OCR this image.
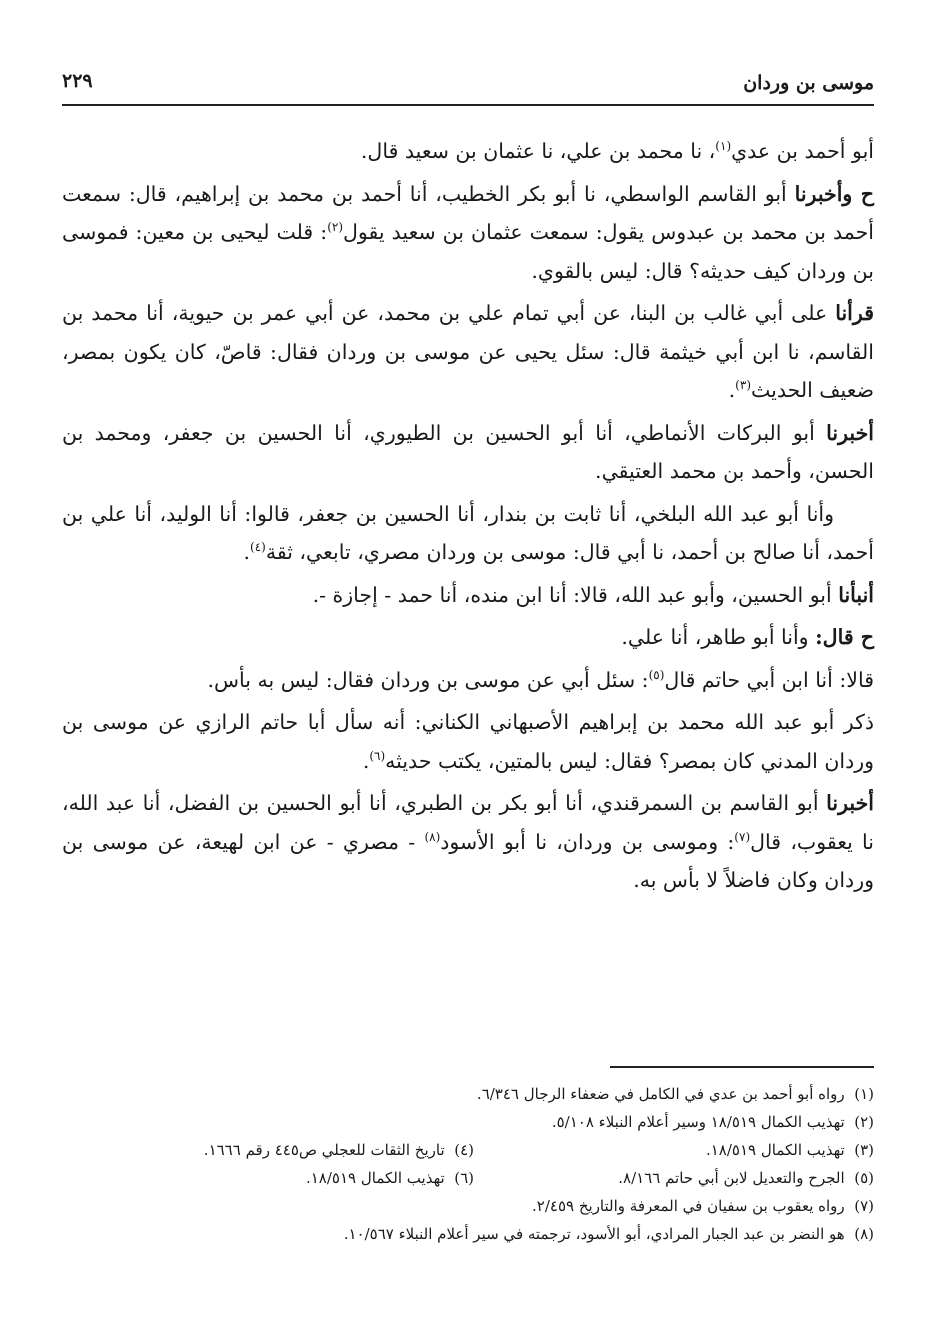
موسى بن وردان
٢٢٩

أبو أحمد بن عدي$^{(١)}$، نا محمد بن علي، نا عثمان بن سعيد قال.

ح وأخبرنا أبو القاسم الواسطي، نا أبو بكر الخطيب، أنا أحمد بن محمد بن إبراهيم، قال: سمعت أحمد بن محمد بن عبدوس يقول: سمعت عثمان بن سعيد يقول$^{(٢)}$: قلت ليحيى بن معين: فموسى بن وردان كيف حديثه؟ قال: ليس بالقوي.

قرأنا على أبي غالب بن البنا، عن أبي تمام علي بن محمد، عن أبي عمر بن حيوية، أنا محمد بن القاسم، نا ابن أبي خيثمة قال: سئل يحيى عن موسى بن وردان فقال: قاصّ، كان يكون بمصر، ضعيف الحديث$^{(٣)}$.

أخبرنا أبو البركات الأنماطي، أنا أبو الحسين بن الطيوري، أنا الحسين بن جعفر، ومحمد بن الحسن، وأحمد بن محمد العتيقي.

وأنا أبو عبد الله البلخي، أنا ثابت بن بندار، أنا الحسين بن جعفر، قالوا: أنا الوليد، أنا علي بن أحمد، أنا صالح بن أحمد، نا أبي قال: موسى بن وردان مصري، تابعي، ثقة$^{(٤)}$.

أنبأنا أبو الحسين، وأبو عبد الله، قالا: أنا ابن منده، أنا حمد - إجازة -.

ح قال: وأنا أبو طاهر، أنا علي.

قالا: أنا ابن أبي حاتم قال$^{(٥)}$: سئل أبي عن موسى بن وردان فقال: ليس به بأس.

ذكر أبو عبد الله محمد بن إبراهيم الأصبهاني الكناني: أنه سأل أبا حاتم الرازي عن موسى بن وردان المدني كان بمصر؟ فقال: ليس بالمتين، يكتب حديثه$^{(٦)}$.

أخبرنا أبو القاسم بن السمرقندي، أنا أبو بكر بن الطبري، أنا أبو الحسين بن الفضل، أنا عبد الله، نا يعقوب، قال$^{(٧)}$: وموسى بن وردان، نا أبو الأسود$^{(٨)}$ - مصري - عن ابن لهيعة، عن موسى بن وردان وكان فاضلاً لا بأس به.

(١)  رواه أبو أحمد بن عدي في الكامل في ضعفاء الرجال ٦/٣٤٦.
(٢)  تهذيب الكمال ١٨/٥١٩ وسير أعلام النبلاء ٥/١٠٨.
(٣)  تهذيب الكمال ١٨/٥١٩.
(٤)  تاريخ الثقات للعجلي ص٤٤٥ رقم ١٦٦٦.
(٥)  الجرح والتعديل لابن أبي حاتم ٨/١٦٦.
(٦)  تهذيب الكمال ١٨/٥١٩.
(٧)  رواه يعقوب بن سفيان في المعرفة والتاريخ ٢/٤٥٩.
(٨)  هو النضر بن عبد الجبار المرادي، أبو الأسود، ترجمته في سير أعلام النبلاء ١٠/٥٦٧.
